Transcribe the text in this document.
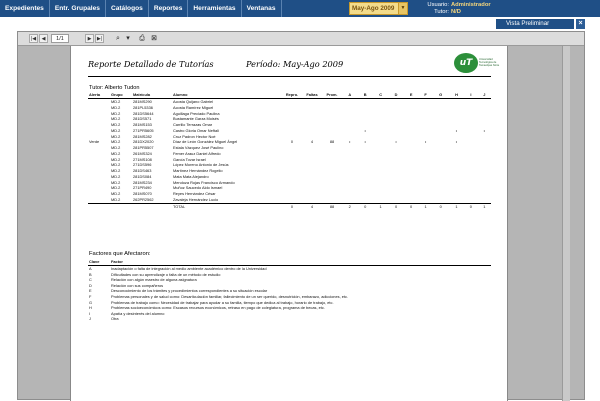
Expedientes	Entr. Grupales	Catálogos	Reportes	Herramientas	Ventanas	May-Ago 2009	▼	Usuario: Administrador
Tutor: N/D
Vista Preliminar	×
|◀	◀	1/1	▶	▶|	⌕ ▾	⎙ ⊠
Reporte Detallado de Tutorías	Período: May-Ago 2009	uT	Universidad Tecnológica de Tamaulipas Norte
Tutor: Alberto Tudon
Alerta	Grupo	Matrícula	Alumno	Repro.	Faltas	Prom.	A	B	C	D	E	F	G	H	I	J
	MD.2	281MS290	Acosta Quijano Gabriel													
	MD.2	281PL5336	Acosta Ramírez Miguel													
	MD.2	281DS5644	Aguillaga Preciado Paulina													
	MD.2	281DS571	Bustamante Garza Moisés													
	MD.2	281MS153	Carrillo Terrazas Omar													
	MD.2	271PR5605	Castro Gloria Omar Neftali					•						•		•
	MD.2	281MS282	Cruz Padron Hector Noé													
Verde	MD.2	281DX2020	Díaz de León González Miguel Ángel	0	4	88	•	•		•		•		•		
	MD.2	281PR5507	Estala Vázquez José Paulino													
	MD.2	261MS324	Femer Arauz Daniel Alfredo													
	MD.2	271MS108	García Tovar Israel													
	MD.2	271DS596	López Moreno Antonio de Jesús													
	MD.2	281DS463	Martínez Hernández Rogelio													
	MD.2	281DS084	Mata Mata Alejandro													
	MD.2	281MS234	Mendoza Rojas Francisco Armando													
	MD.2	271PR490	Muñoz Saucedo Aldo Ismael													
	MD.2	281MS070	Reyes Hernández César													
	MD.2	262PR2562	Zavaleja Hernández Lucio													
			TOTAL	0	4	88	2	0	1	0	0	1	0	1	0	1
Factores que Afectaron:
Clave	Factor
A	Inadaptación o falta de integración al medio ambiente académico dentro de la Universidad
B	Dificultades con su aprendizaje o falta de un método de estudio
C	Relación con algún maestro de alguna asignatura
D	Relación con sus compañeros
E	Desconocimiento de los trámites y procedimientos correspondientes a su situación escolar
F	Problemas personales y de salud como: Desarticulación familiar, fallecimiento de un ser querido, desnutrición, embarazo, adicciones, etc.
G	Problemas de trabajo como: Necesidad de trabajar para ayudar a su familia, tiempo que dedica al trabajo, horario de trabajo, etc.
H	Problemas socioeconómicos como: Escasos recursos económicos, retraso en pago de colegiatura, programa de becas, etc.
I	Apatía y desinterés del alumno
J	Otra
